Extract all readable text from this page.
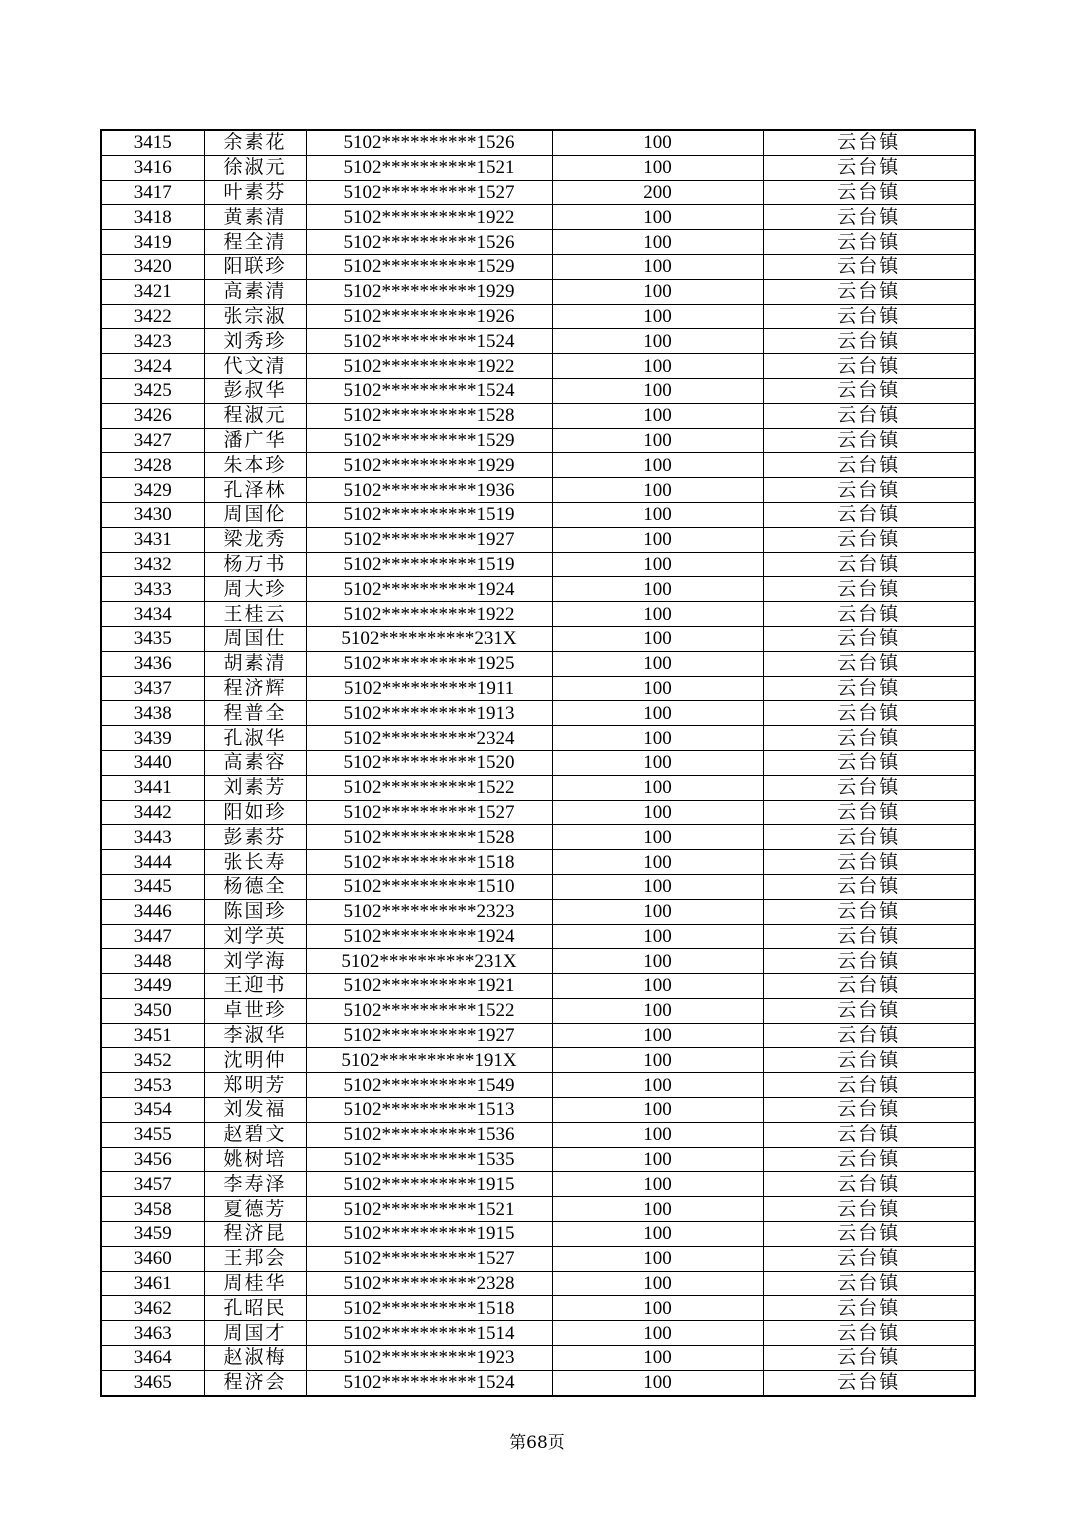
3415	余素花	5102**********1526	100	云台镇
3416	徐淑元	5102**********1521	100	云台镇
3417	叶素芬	5102**********1527	200	云台镇
3418	黄素清	5102**********1922	100	云台镇
3419	程全清	5102**********1526	100	云台镇
3420	阳联珍	5102**********1529	100	云台镇
3421	高素清	5102**********1929	100	云台镇
3422	张宗淑	5102**********1926	100	云台镇
3423	刘秀珍	5102**********1524	100	云台镇
3424	代文清	5102**********1922	100	云台镇
3425	彭叔华	5102**********1524	100	云台镇
3426	程淑元	5102**********1528	100	云台镇
3427	潘广华	5102**********1529	100	云台镇
3428	朱本珍	5102**********1929	100	云台镇
3429	孔泽林	5102**********1936	100	云台镇
3430	周国伦	5102**********1519	100	云台镇
3431	梁龙秀	5102**********1927	100	云台镇
3432	杨万书	5102**********1519	100	云台镇
3433	周大珍	5102**********1924	100	云台镇
3434	王桂云	5102**********1922	100	云台镇
3435	周国仕	5102**********231X	100	云台镇
3436	胡素清	5102**********1925	100	云台镇
3437	程济辉	5102**********1911	100	云台镇
3438	程普全	5102**********1913	100	云台镇
3439	孔淑华	5102**********2324	100	云台镇
3440	高素容	5102**********1520	100	云台镇
3441	刘素芳	5102**********1522	100	云台镇
3442	阳如珍	5102**********1527	100	云台镇
3443	彭素芬	5102**********1528	100	云台镇
3444	张长寿	5102**********1518	100	云台镇
3445	杨德全	5102**********1510	100	云台镇
3446	陈国珍	5102**********2323	100	云台镇
3447	刘学英	5102**********1924	100	云台镇
3448	刘学海	5102**********231X	100	云台镇
3449	王迎书	5102**********1921	100	云台镇
3450	卓世珍	5102**********1522	100	云台镇
3451	李淑华	5102**********1927	100	云台镇
3452	沈明仲	5102**********191X	100	云台镇
3453	郑明芳	5102**********1549	100	云台镇
3454	刘发福	5102**********1513	100	云台镇
3455	赵碧文	5102**********1536	100	云台镇
3456	姚树培	5102**********1535	100	云台镇
3457	李寿泽	5102**********1915	100	云台镇
3458	夏德芳	5102**********1521	100	云台镇
3459	程济昆	5102**********1915	100	云台镇
3460	王邦会	5102**********1527	100	云台镇
3461	周桂华	5102**********2328	100	云台镇
3462	孔昭民	5102**********1518	100	云台镇
3463	周国才	5102**********1514	100	云台镇
3464	赵淑梅	5102**********1923	100	云台镇
3465	程济会	5102**********1524	100	云台镇
第68页
